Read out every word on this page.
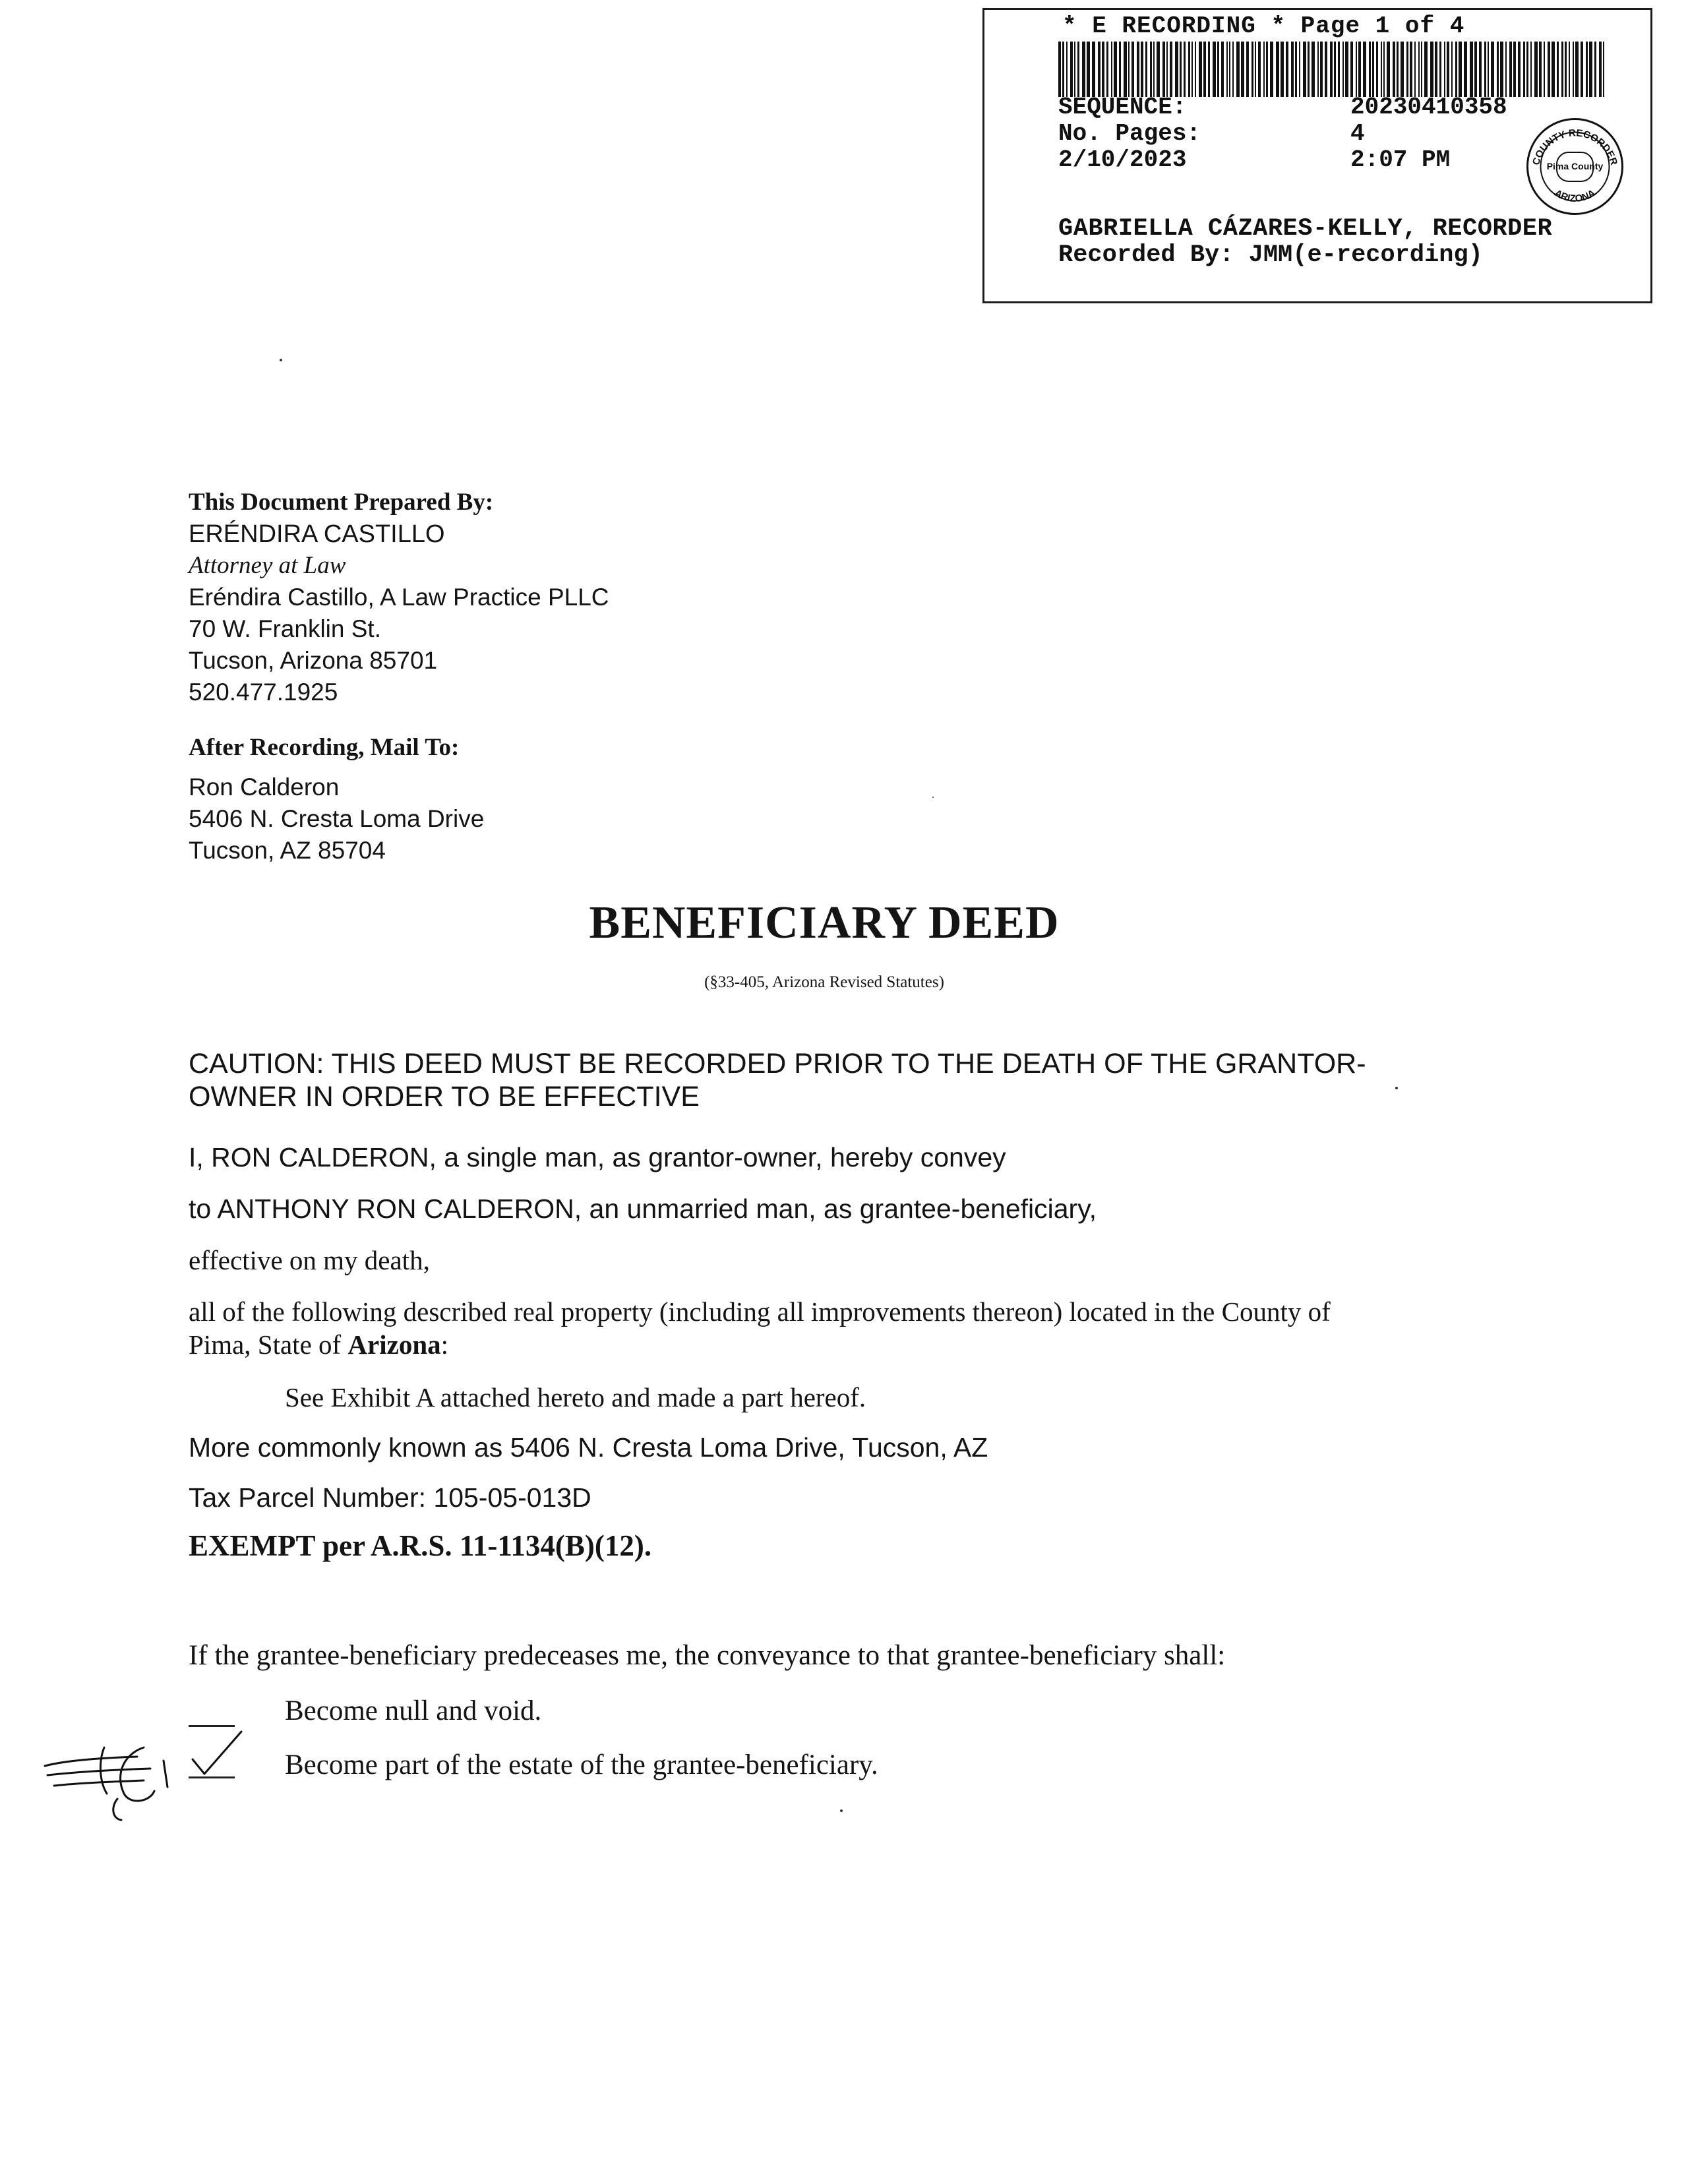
* E RECORDING * Page 1 of 4
SEQUENCE:	20230410358
No. Pages:	4
2/10/2023	2:07 PM	COUNTY RECORDER
ARIZONA
Pima County
GABRIELLA CÁZARES-KELLY, RECORDER
Recorded By: JMM(e-recording)
This Document Prepared By:
ERÉNDIRA CASTILLO
Attorney at Law
Eréndira Castillo, A Law Practice PLLC
70 W. Franklin St.
Tucson, Arizona 85701
520.477.1925
After Recording, Mail To:
Ron Calderon
5406 N. Cresta Loma Drive
Tucson, AZ 85704
BENEFICIARY DEED
(§33-405, Arizona Revised Statutes)
CAUTION: THIS DEED MUST BE RECORDED PRIOR TO THE DEATH OF THE GRANTOR-OWNER IN ORDER TO BE EFFECTIVE
I, RON CALDERON, a single man, as grantor-owner, hereby convey
to ANTHONY RON CALDERON, an unmarried man, as grantee-beneficiary,
effective on my death,
all of the following described real property (including all improvements thereon) located in the County of
Pima, State of Arizona:
See Exhibit A attached hereto and made a part hereof.
More commonly known as 5406 N. Cresta Loma Drive, Tucson, AZ
Tax Parcel Number: 105-05-013D
EXEMPT per A.R.S. 11-1134(B)(12).
If the grantee-beneficiary predeceases me, the conveyance to that grantee-beneficiary shall:
Become null and void.
Become part of the estate of the grantee-beneficiary.
